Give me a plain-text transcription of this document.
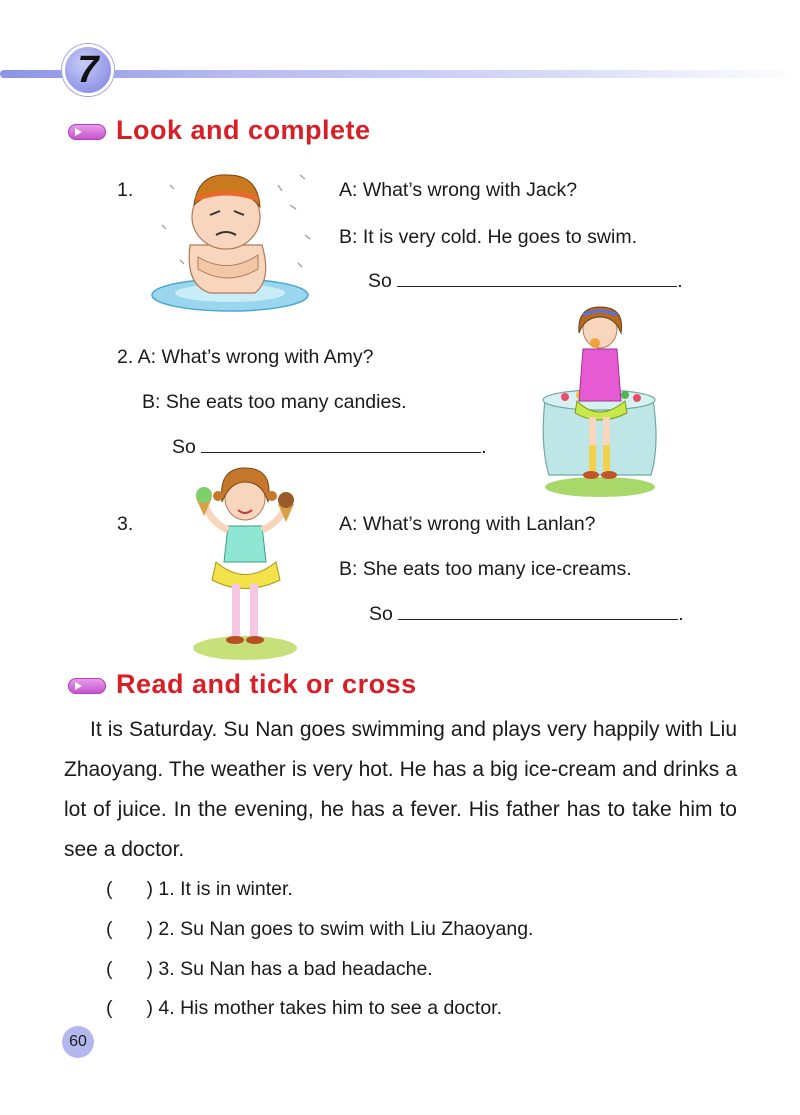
7
Look and complete
1.	A: What’s wrong with Jack?
B: It is very cold. He goes to swim.
So	.
2. A: What’s wrong with Amy?
B: She eats too many candies.
So	.
3.	A: What’s wrong with Lanlan?
B: She eats too many ice-creams.
So	.
Read and tick or cross
It is Saturday. Su Nan goes swimming and plays very happily with Liu Zhaoyang. The weather is very hot. He has a big ice-cream and drinks a lot of juice. In the evening, he has a fever. His father has to take him to see a doctor.
( ) 1. It is in winter.
( ) 2. Su Nan goes to swim with Liu Zhaoyang.
( ) 3. Su Nan has a bad headache.
( ) 4. His mother takes him to see a doctor.
60
